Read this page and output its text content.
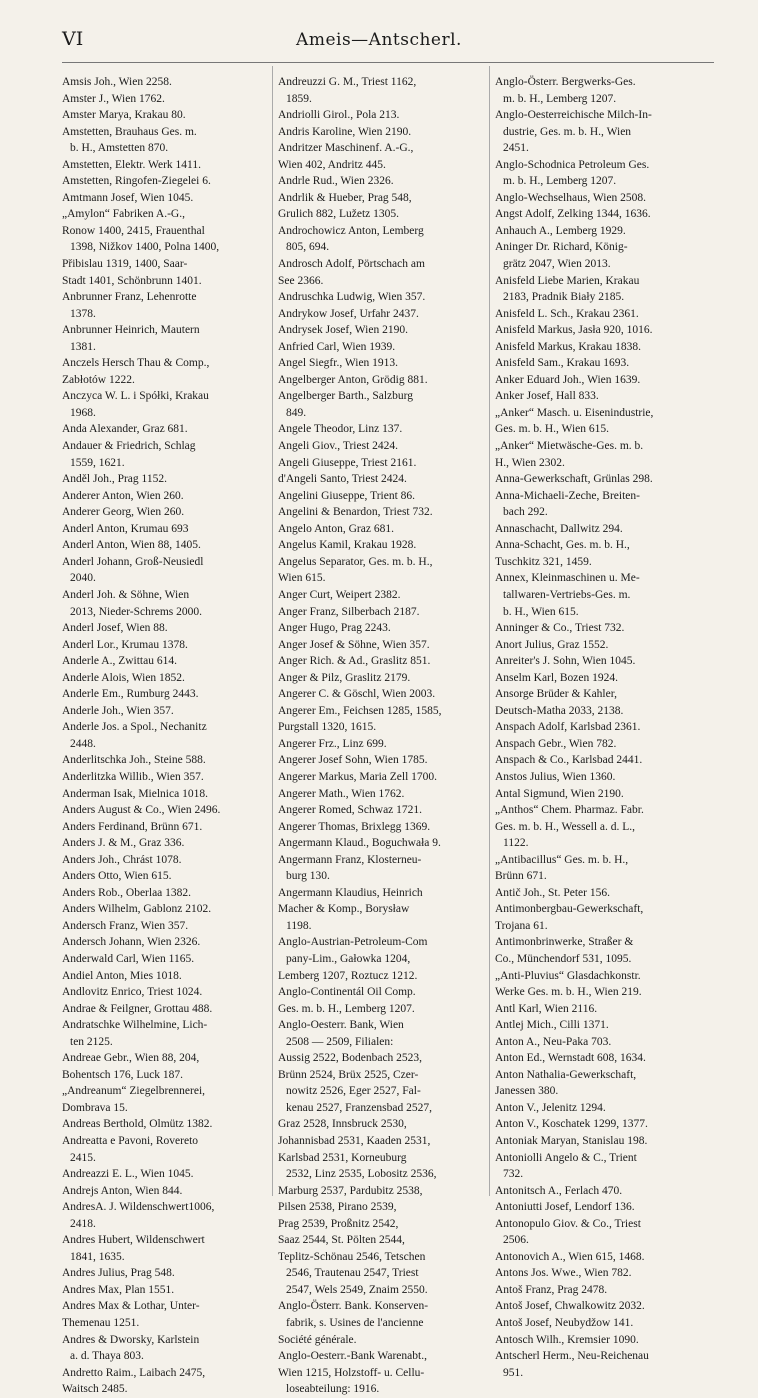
VI	Ameis—Antscherl.
Amsis Joh., Wien 2258.
Amster J., Wien 1762.
Amster Marya, Krakau 80.
Amstetten, Brauhaus Ges. m.
b. H., Amstetten 870.
Amstetten, Elektr. Werk 1411.
Amstetten, Ringofen-Ziegelei 6.
Amtmann Josef, Wien 1045.
„Amylon“ Fabriken A.-G.,
Ronow 1400, 2415, Frauenthal
1398, Nižkov 1400, Polna 1400,
Přibislau 1319, 1400, Saar-
Stadt 1401, Schönbrunn 1401.
Anbrunner Franz, Lehenrotte
1378.
Anbrunner Heinrich, Mautern
1381.
Anczels Hersch Thau & Comp.,
Zabłotów 1222.
Anczyca W. L. i Spółki, Krakau
1968.
Anda Alexander, Graz 681.
Andauer & Friedrich, Schlag
1559, 1621.
Anděl Joh., Prag 1152.
Anderer Anton, Wien 260.
Anderer Georg, Wien 260.
Anderl Anton, Krumau 693
Anderl Anton, Wien 88, 1405.
Anderl Johann, Groß-Neusiedl
2040.
Anderl Joh. & Söhne, Wien
2013, Nieder-Schrems 2000.
Anderl Josef, Wien 88.
Anderl Lor., Krumau 1378.
Anderle A., Zwittau 614.
Anderle Alois, Wien 1852.
Anderle Em., Rumburg 2443.
Anderle Joh., Wien 357.
Anderle Jos. a Spol., Nechanitz
2448.
Anderlitschka Joh., Steine 588.
Anderlitzka Willib., Wien 357.
Anderman Isak, Mielnica 1018.
Anders August & Co., Wien 2496.
Anders Ferdinand, Brünn 671.
Anders J. & M., Graz 336.
Anders Joh., Chrást 1078.
Anders Otto, Wien 615.
Anders Rob., Oberlaa 1382.
Anders Wilhelm, Gablonz 2102.
Andersch Franz, Wien 357.
Andersch Johann, Wien 2326.
Anderwald Carl, Wien 1165.
Andiel Anton, Mies 1018.
Andlovitz Enrico, Triest 1024.
Andrae & Feilgner, Grottau 488.
Andratschke Wilhelmine, Lich-
ten 2125.
Andreae Gebr., Wien 88, 204,
Bohentsch 176, Luck 187.
„Andreanum“ Ziegelbrennerei,
Dombrava 15.
Andreas Berthold, Olmütz 1382.
Andreatta e Pavoni, Rovereto
2415.
Andreazzi E. L., Wien 1045.
Andrejs Anton, Wien 844.
AndresA. J. Wildenschwert1006,
2418.
Andres Hubert, Wildenschwert
1841, 1635.
Andres Julius, Prag 548.
Andres Max, Plan 1551.
Andres Max & Lothar, Unter-
Themenau 1251.
Andres & Dworsky, Karlstein
a. d. Thaya 803.
Andretto Raim., Laibach 2475,
Waitsch 2485.
Andreuzzi G. M., Triest 1162,
1859.
Andriolli Girol., Pola 213.
Andris Karoline, Wien 2190.
Andritzer Maschinenf. A.-G.,
Wien 402, Andritz 445.
Andrle Rud., Wien 2326.
Andrlik & Hueber, Prag 548,
Grulich 882, Lužetz 1305.
Androchowicz Anton, Lemberg
805, 694.
Androsch Adolf, Pörtschach am
See 2366.
Andruschka Ludwig, Wien 357.
Andrykow Josef, Urfahr 2437.
Andrysek Josef, Wien 2190.
Anfried Carl, Wien 1939.
Angel Siegfr., Wien 1913.
Angelberger Anton, Grödig 881.
Angelberger Barth., Salzburg
849.
Angele Theodor, Linz 137.
Angeli Giov., Triest 2424.
Angeli Giuseppe, Triest 2161.
d'Angeli Santo, Triest 2424.
Angelini Giuseppe, Trient 86.
Angelini & Benardon, Triest 732.
Angelo Anton, Graz 681.
Angelus Kamil, Krakau 1928.
Angelus Separator, Ges. m. b. H.,
Wien 615.
Anger Curt, Weipert 2382.
Anger Franz, Silberbach 2187.
Anger Hugo, Prag 2243.
Anger Josef & Söhne, Wien 357.
Anger Rich. & Ad., Graslitz 851.
Anger & Pilz, Graslitz 2179.
Angerer C. & Göschl, Wien 2003.
Angerer Em., Feichsen 1285, 1585,
Purgstall 1320, 1615.
Angerer Frz., Linz 699.
Angerer Josef Sohn, Wien 1785.
Angerer Markus, Maria Zell 1700.
Angerer Math., Wien 1762.
Angerer Romed, Schwaz 1721.
Angerer Thomas, Brixlegg 1369.
Angermann Klaud., Boguchwała 9.
Angermann Franz, Klosterneu-
burg 130.
Angermann Klaudius, Heinrich
Macher & Komp., Borysław
1198.
Anglo-Austrian-Petroleum-Com
pany-Lim., Gałowka 1204,
Lemberg 1207, Roztucz 1212.
Anglo-Continentál Oil Comp.
Ges. m. b. H., Lemberg 1207.
Anglo-Oesterr. Bank, Wien
2508 — 2509, Filialen:
Aussig 2522, Bodenbach 2523,
Brünn 2524, Brüx 2525, Czer-
nowitz 2526, Eger 2527, Fal-
kenau 2527, Franzensbad 2527,
Graz 2528, Innsbruck 2530,
Johannisbad 2531, Kaaden 2531,
Karlsbad 2531, Korneuburg
2532, Linz 2535, Lobositz 2536,
Marburg 2537, Pardubitz 2538,
Pilsen 2538, Pirano 2539,
Prag 2539, Proßnitz 2542,
Saaz 2544, St. Pölten 2544,
Teplitz-Schönau 2546, Tetschen
2546, Trautenau 2547, Triest
2547, Wels 2549, Znaim 2550.
Anglo-Österr. Bank. Konserven-
fabrik, s. Usines de l'ancienne
Société générale.
Anglo-Oesterr.-Bank Warenabt.,
Wien 1215, Holzstoff- u. Cellu-
loseabteilung: 1916.
Anglo-Österr. Bergwerks-Ges.
m. b. H., Lemberg 1207.
Anglo-Oesterreichische Milch-In-
dustrie, Ges. m. b. H., Wien
2451.
Anglo-Schodnica Petroleum Ges.
m. b. H., Lemberg 1207.
Anglo-Wechselhaus, Wien 2508.
Angst Adolf, Zelking 1344, 1636.
Anhauch A., Lemberg 1929.
Aninger Dr. Richard, König-
grätz 2047, Wien 2013.
Anisfeld Liebe Marien, Krakau
2183, Pradnik Biały 2185.
Anisfeld L. Sch., Krakau 2361.
Anisfeld Markus, Jasła 920, 1016.
Anisfeld Markus, Krakau 1838.
Anisfeld Sam., Krakau 1693.
Anker Eduard Joh., Wien 1639.
Anker Josef, Hall 833.
„Anker“ Masch. u. Eisenindustrie,
Ges. m. b. H., Wien 615.
„Anker“ Mietwäsche-Ges. m. b.
H., Wien 2302.
Anna-Gewerkschaft, Grünlas 298.
Anna-Michaeli-Zeche, Breiten-
bach 292.
Annaschacht, Dallwitz 294.
Anna-Schacht, Ges. m. b. H.,
Tuschkitz 321, 1459.
Annex, Kleinmaschinen u. Me-
tallwaren-Vertriebs-Ges. m.
b. H., Wien 615.
Anninger & Co., Triest 732.
Anort Julius, Graz 1552.
Anreiter's J. Sohn, Wien 1045.
Anselm Karl, Bozen 1924.
Ansorge Brüder & Kahler,
Deutsch-Matha 2033, 2138.
Anspach Adolf, Karlsbad 2361.
Anspach Gebr., Wien 782.
Anspach & Co., Karlsbad 2441.
Anstos Julius, Wien 1360.
Antal Sigmund, Wien 2190.
„Anthos“ Chem. Pharmaz. Fabr.
Ges. m. b. H., Wessell a. d. L.,
1122.
„Antibacillus“ Ges. m. b. H.,
Brünn 671.
Antič Joh., St. Peter 156.
Antimonbergbau-Gewerkschaft,
Trojana 61.
Antimonbrinwerke, Straßer &
Co., Münchendorf 531, 1095.
„Anti-Pluvius“ Glasdachkonstr.
Werke Ges. m. b. H., Wien 219.
Antl Karl, Wien 2116.
Antlej Mich., Cilli 1371.
Anton A., Neu-Paka 703.
Anton Ed., Wernstadt 608, 1634.
Anton Nathalia-Gewerkschaft,
Janessen 380.
Anton V., Jelenitz 1294.
Anton V., Koschatek 1299, 1377.
Antoniak Maryan, Stanislau 198.
Antoniolli Angelo & C., Trient
732.
Antonitsch A., Ferlach 470.
Antoniutti Josef, Lendorf 136.
Antonopulo Giov. & Co., Triest
2506.
Antonovich A., Wien 615, 1468.
Antons Jos. Wwe., Wien 782.
Antoš Franz, Prag 2478.
Antoš Josef, Chwalkowitz 2032.
Antoš Josef, Neubydžow 141.
Antosch Wilh., Kremsier 1090.
Antscherl Herm., Neu-Reichenau
951.
